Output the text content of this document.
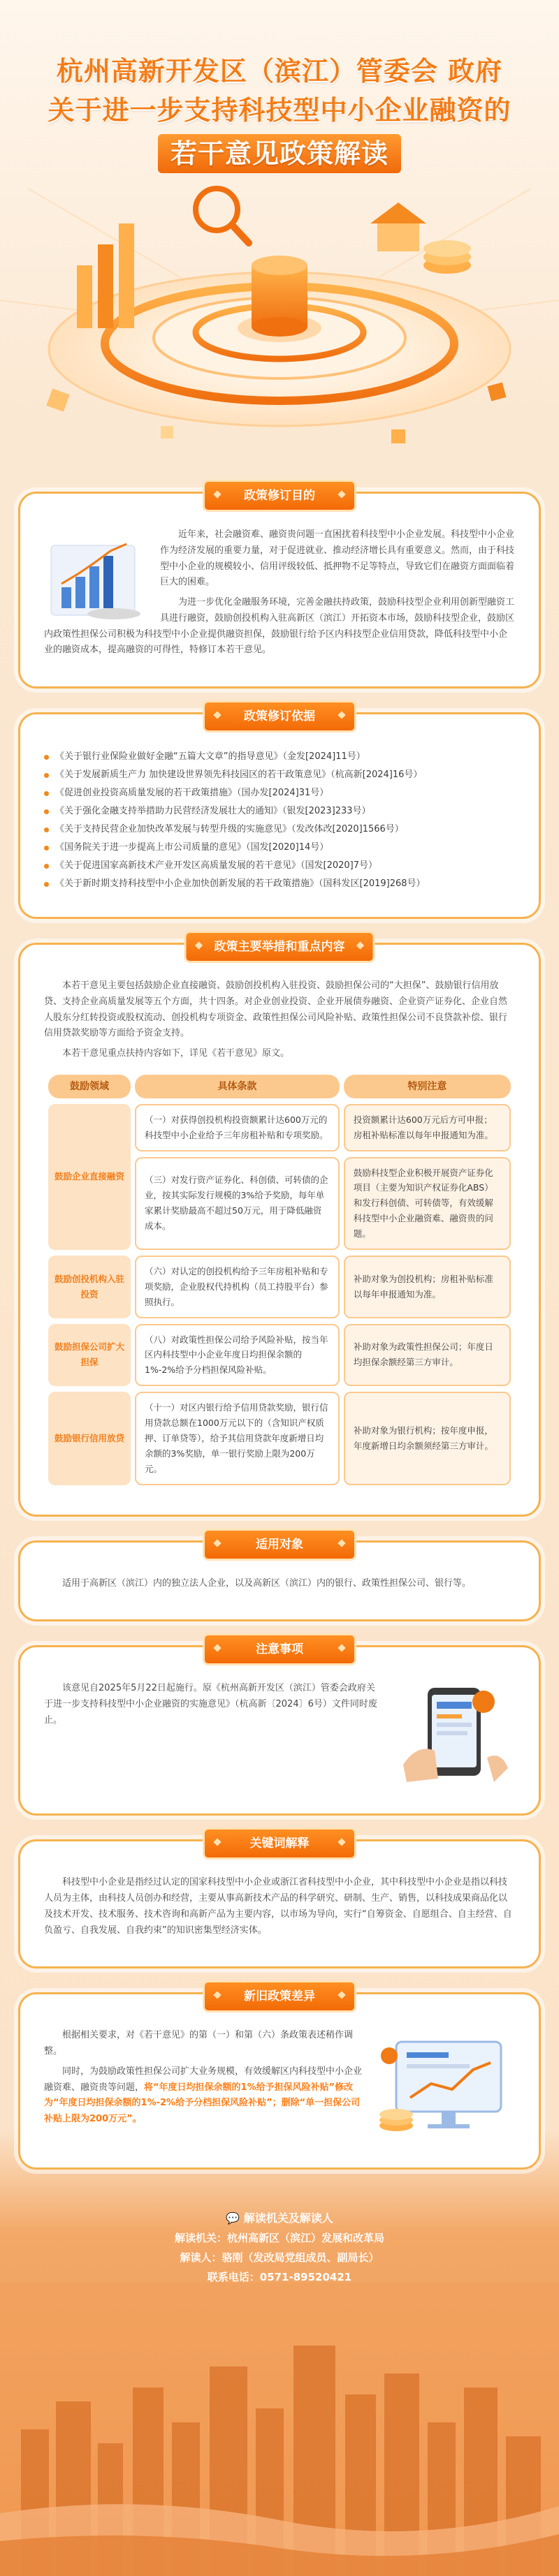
杭州高新开发区（滨江）管委会 政府
关于进一步支持科技型中小企业融资的
若干意见政策解读
政策修订目的

近年来，社会融资难、融资贵问题一直困扰着科技型中小企业发展。科技型中小企业作为经济发展的重要力量，对于促进就业、推动经济增长具有重要意义。然而，由于科技型中小企业的规模较小、信用评级较低、抵押物不足等特点，导致它们在融资方面面临着巨大的困难。

为进一步优化金融服务环境，完善金融扶持政策，鼓励科技型企业利用创新型融资工具进行融资，鼓励创投机构入驻高新区（滨江）开拓资本市场，鼓励科技型企业，鼓励区内政策性担保公司积极为科技型中小企业提供融资担保，鼓励银行给予区内科技型企业信用贷款，降低科技型中小企业的融资成本，提高融资的可得性，特修订本若干意见。

政策修订依据
《关于银行业保险业做好金融“五篇大文章”的指导意见》（金发[2024]11号）
《关于发展新质生产力 加快建设世界领先科技园区的若干政策意见》（杭高新[2024]16号）
《促进创业投资高质量发展的若干政策措施》（国办发[2024]31号）
《关于强化金融支持举措助力民营经济发展壮大的通知》（银发[2023]233号）
《关于支持民营企业加快改革发展与转型升级的实施意见》（发改体改[2020]1566号）
《国务院关于进一步提高上市公司质量的意见》（国发[2020]14号）
《关于促进国家高新技术产业开发区高质量发展的若干意见》（国发[2020]7号）
《关于新时期支持科技型中小企业加快创新发展的若干政策措施》（国科发区[2019]268号）
政策主要举措和重点内容

本若干意见主要包括鼓励企业直接融资、鼓励创投机构入驻投资、鼓励担保公司的“大担保”、鼓励银行信用放贷、支持企业高质量发展等五个方面，共十四条。对企业创业投资、企业开展债券融资、企业资产证券化、企业自然人股东分红转投资或股权流动、创投机构专项资金、政策性担保公司风险补贴、政策性担保公司不良贷款补偿、银行信用贷款奖励等方面给予资金支持。

本若干意见重点扶持内容如下，详见《若干意见》原文。

鼓励领域	具体条款	特别注意
鼓励企业直接融资	（一）对获得创投机构投资额累计达600万元的科技型中小企业给予三年房租补贴和专项奖励。	投资额累计达600万元后方可申报；房租补贴标准以每年申报通知为准。
	（三）对发行资产证券化、科创债、可转债的企业，按其实际发行规模的3%给予奖励，每年单家累计奖励最高不超过50万元，用于降低融资成本。	鼓励科技型企业积极开展资产证券化项目（主要为知识产权证券化ABS）和发行科创债、可转债等，有效缓解科技型中小企业融资难、融资贵的问题。
鼓励创投机构入驻投资	（六）对认定的创投机构给予三年房租补贴和专项奖励，企业股权代持机构（员工持股平台）参照执行。	补助对象为创投机构；房租补贴标准以每年申报通知为准。
鼓励担保公司扩大担保	（八）对政策性担保公司给予风险补贴，按当年区内科技型中小企业年度日均担保余额的1%-2%给予分档担保风险补贴。	补助对象为政策性担保公司；年度日均担保余额经第三方审计。
鼓励银行信用放贷	（十一）对区内银行给予信用贷款奖励，银行信用贷款总额在1000万元以下的（含知识产权质押、订单贷等），给予其信用贷款年度新增日均余额的3%奖励，单一银行奖励上限为200万元。	补助对象为银行机构；按年度申报，年度新增日均余额须经第三方审计。
适用对象

适用于高新区（滨江）内的独立法人企业，以及高新区（滨江）内的银行、政策性担保公司、银行等。

注意事项

该意见自2025年5月22日起施行。原《杭州高新开发区（滨江）管委会政府关于进一步支持科技型中小企业融资的实施意见》（杭高新〔2024〕6号）文件同时废止。

关键词解释

科技型中小企业是指经过认定的国家科技型中小企业或浙江省科技型中小企业，其中科技型中小企业是指以科技人员为主体，由科技人员创办和经营，主要从事高新技术产品的科学研究、研制、生产、销售，以科技成果商品化以及技术开发、技术服务、技术咨询和高新产品为主要内容，以市场为导向，实行“自筹资金、自愿组合、自主经营、自负盈亏、自我发展、自我约束”的知识密集型经济实体。

新旧政策差异

根据相关要求，对《若干意见》的第（一）和第（六）条政策表述稍作调整。

同时，为鼓励政策性担保公司扩大业务规模，有效缓解区内科技型中小企业融资难、融资贵等问题，将“年度日均担保余额的1%给予担保风险补贴”修改为“年度日均担保余额的1%-2%给予分档担保风险补贴”；删除“单一担保公司补贴上限为200万元”。

💬 解读机关及解读人
解读机关：杭州高新区（滨江）发展和改革局
解读人：骆刚（发改局党组成员、副局长）
联系电话：0571-89520421
